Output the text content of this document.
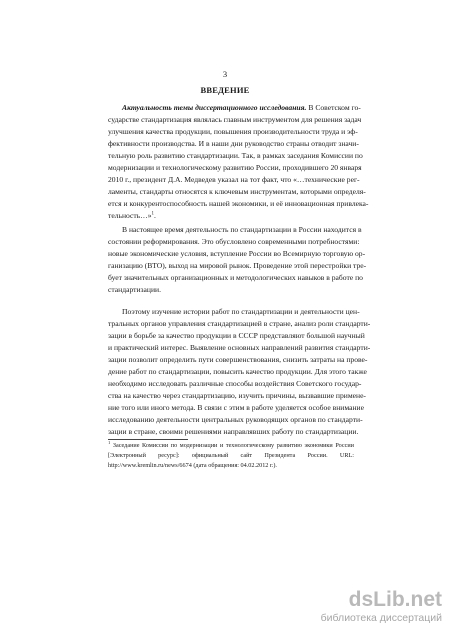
3
ВВЕДЕНИЕ
Актуальность темы диссертационного исследования. В Советском го-
сударстве стандартизация являлась главным инструментом для решения задач
улучшения качества продукции, повышения производительности труда и эф-
фективности производства. И в наши дни руководство страны отводит значи-
тельную роль развитию стандартизации. Так, в рамках заседания Комиссии по
модернизации и технологическому развитию России, проходившего 20 января
2010 г., президент Д.А. Медведев указал на тот факт, что «…технические рег-
ламенты, стандарты относятся к ключевым инструментам, которыми определя-
ется и конкурентоспособность нашей экономики, и её инновационная привлека-
тельность…»$^1$.
В настоящее время деятельность по стандартизации в России находится в
состоянии реформирования. Это обусловлено современными потребностями:
новые экономические условия, вступление России во Всемирную торговую ор-
ганизацию (ВТО), выход на мировой рынок. Проведение этой перестройки тре-
бует значительных организационных и методологических навыков в работе по
стандартизации.
Поэтому изучение истории работ по стандартизации и деятельности цен-
тральных органов управления стандартизацией в стране, анализ роли стандарти-
зации в борьбе за качество продукции в СССР представляют большой научный
и практический интерес. Выявление основных направлений развития стандарти-
зации позволит определить пути совершенствования, снизить затраты на прове-
дение работ по стандартизации, повысить качество продукции. Для этого также
необходимо исследовать различные способы воздействия Советского государ-
ства на качество через стандартизацию, изучить причины, вызвавшие примене-
ние того или иного метода. В связи с этим в работе уделяется особое внимание
исследованию деятельности центральных руководящих органов по стандарти-
зации в стране, своими решениями направлявших работу по стандартизации.
$^1$ Заседание Комиссии по модернизации и технологическому развитию экономики России
[Электронный ресурс]: официальный сайт Президента России. URL:
http://www.kremlin.ru/news/6674 (дата обращения: 04.02.2012 г.).
dsLib.net
библиотека диссертаций
